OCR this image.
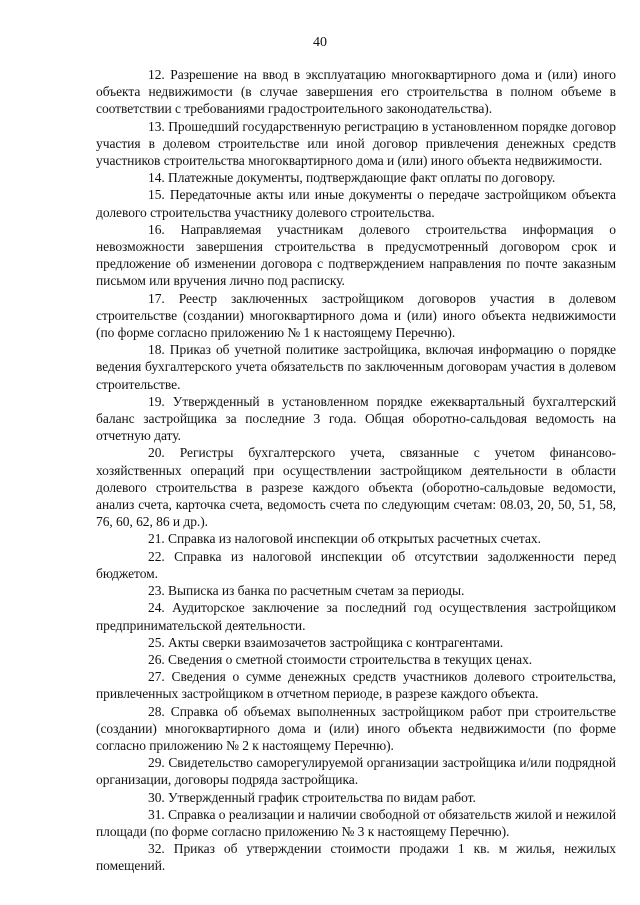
40

12. Разрешение на ввод в эксплуатацию многоквартирного дома и (или) иного объекта недвижимости (в случае завершения его строительства в полном объеме в соответствии с требованиями градостроительного законодательства).

13. Прошедший государственную регистрацию в установленном порядке договор участия в долевом строительстве или иной договор привлечения денежных средств участников строительства многоквартирного дома и (или) иного объекта недвижимости.

14. Платежные документы, подтверждающие факт оплаты по договору.

15. Передаточные акты или иные документы о передаче застройщиком объекта долевого строительства участнику долевого строительства.

16. Направляемая участникам долевого строительства информация о невозможности завершения строительства в предусмотренный договором срок и предложение об изменении договора с подтверждением направления по почте заказным письмом или вручения лично под расписку.

17. Реестр заключенных застройщиком договоров участия в долевом строительстве (создании) многоквартирного дома и (или) иного объекта недвижимости (по форме согласно приложению № 1 к настоящему Перечню).

18. Приказ об учетной политике застройщика, включая информацию о порядке ведения бухгалтерского учета обязательств по заключенным договорам участия в долевом строительстве.

19. Утвержденный в установленном порядке ежеквартальный бухгалтерский баланс застройщика за последние 3 года. Общая оборотно-сальдовая ведомость на отчетную дату.

20. Регистры бухгалтерского учета, связанные с учетом финансово-хозяйственных операций при осуществлении застройщиком деятельности в области долевого строительства в разрезе каждого объекта (оборотно-сальдовые ведомости, анализ счета, карточка счета, ведомость счета по следующим счетам: 08.03, 20, 50, 51, 58, 76, 60, 62, 86 и др.).

21. Справка из налоговой инспекции об открытых расчетных счетах.

22. Справка из налоговой инспекции об отсутствии задолженности перед бюджетом.

23. Выписка из банка по расчетным счетам за периоды.

24. Аудиторское заключение за последний год осуществления застройщиком предпринимательской деятельности.

25. Акты сверки взаимозачетов застройщика с контрагентами.

26. Сведения о сметной стоимости строительства в текущих ценах.

27. Сведения о сумме денежных средств участников долевого строительства, привлеченных застройщиком в отчетном периоде, в разрезе каждого объекта.

28. Справка об объемах выполненных застройщиком работ при строительстве (создании) многоквартирного дома и (или) иного объекта недвижимости (по форме согласно приложению № 2 к настоящему Перечню).

29. Свидетельство саморегулируемой организации застройщика и/или подрядной организации, договоры подряда застройщика.

30. Утвержденный график строительства по видам работ.

31. Справка о реализации и наличии свободной от обязательств жилой и нежилой площади (по форме согласно приложению № 3 к настоящему Перечню).

32. Приказ об утверждении стоимости продажи 1 кв. м жилья, нежилых помещений.
